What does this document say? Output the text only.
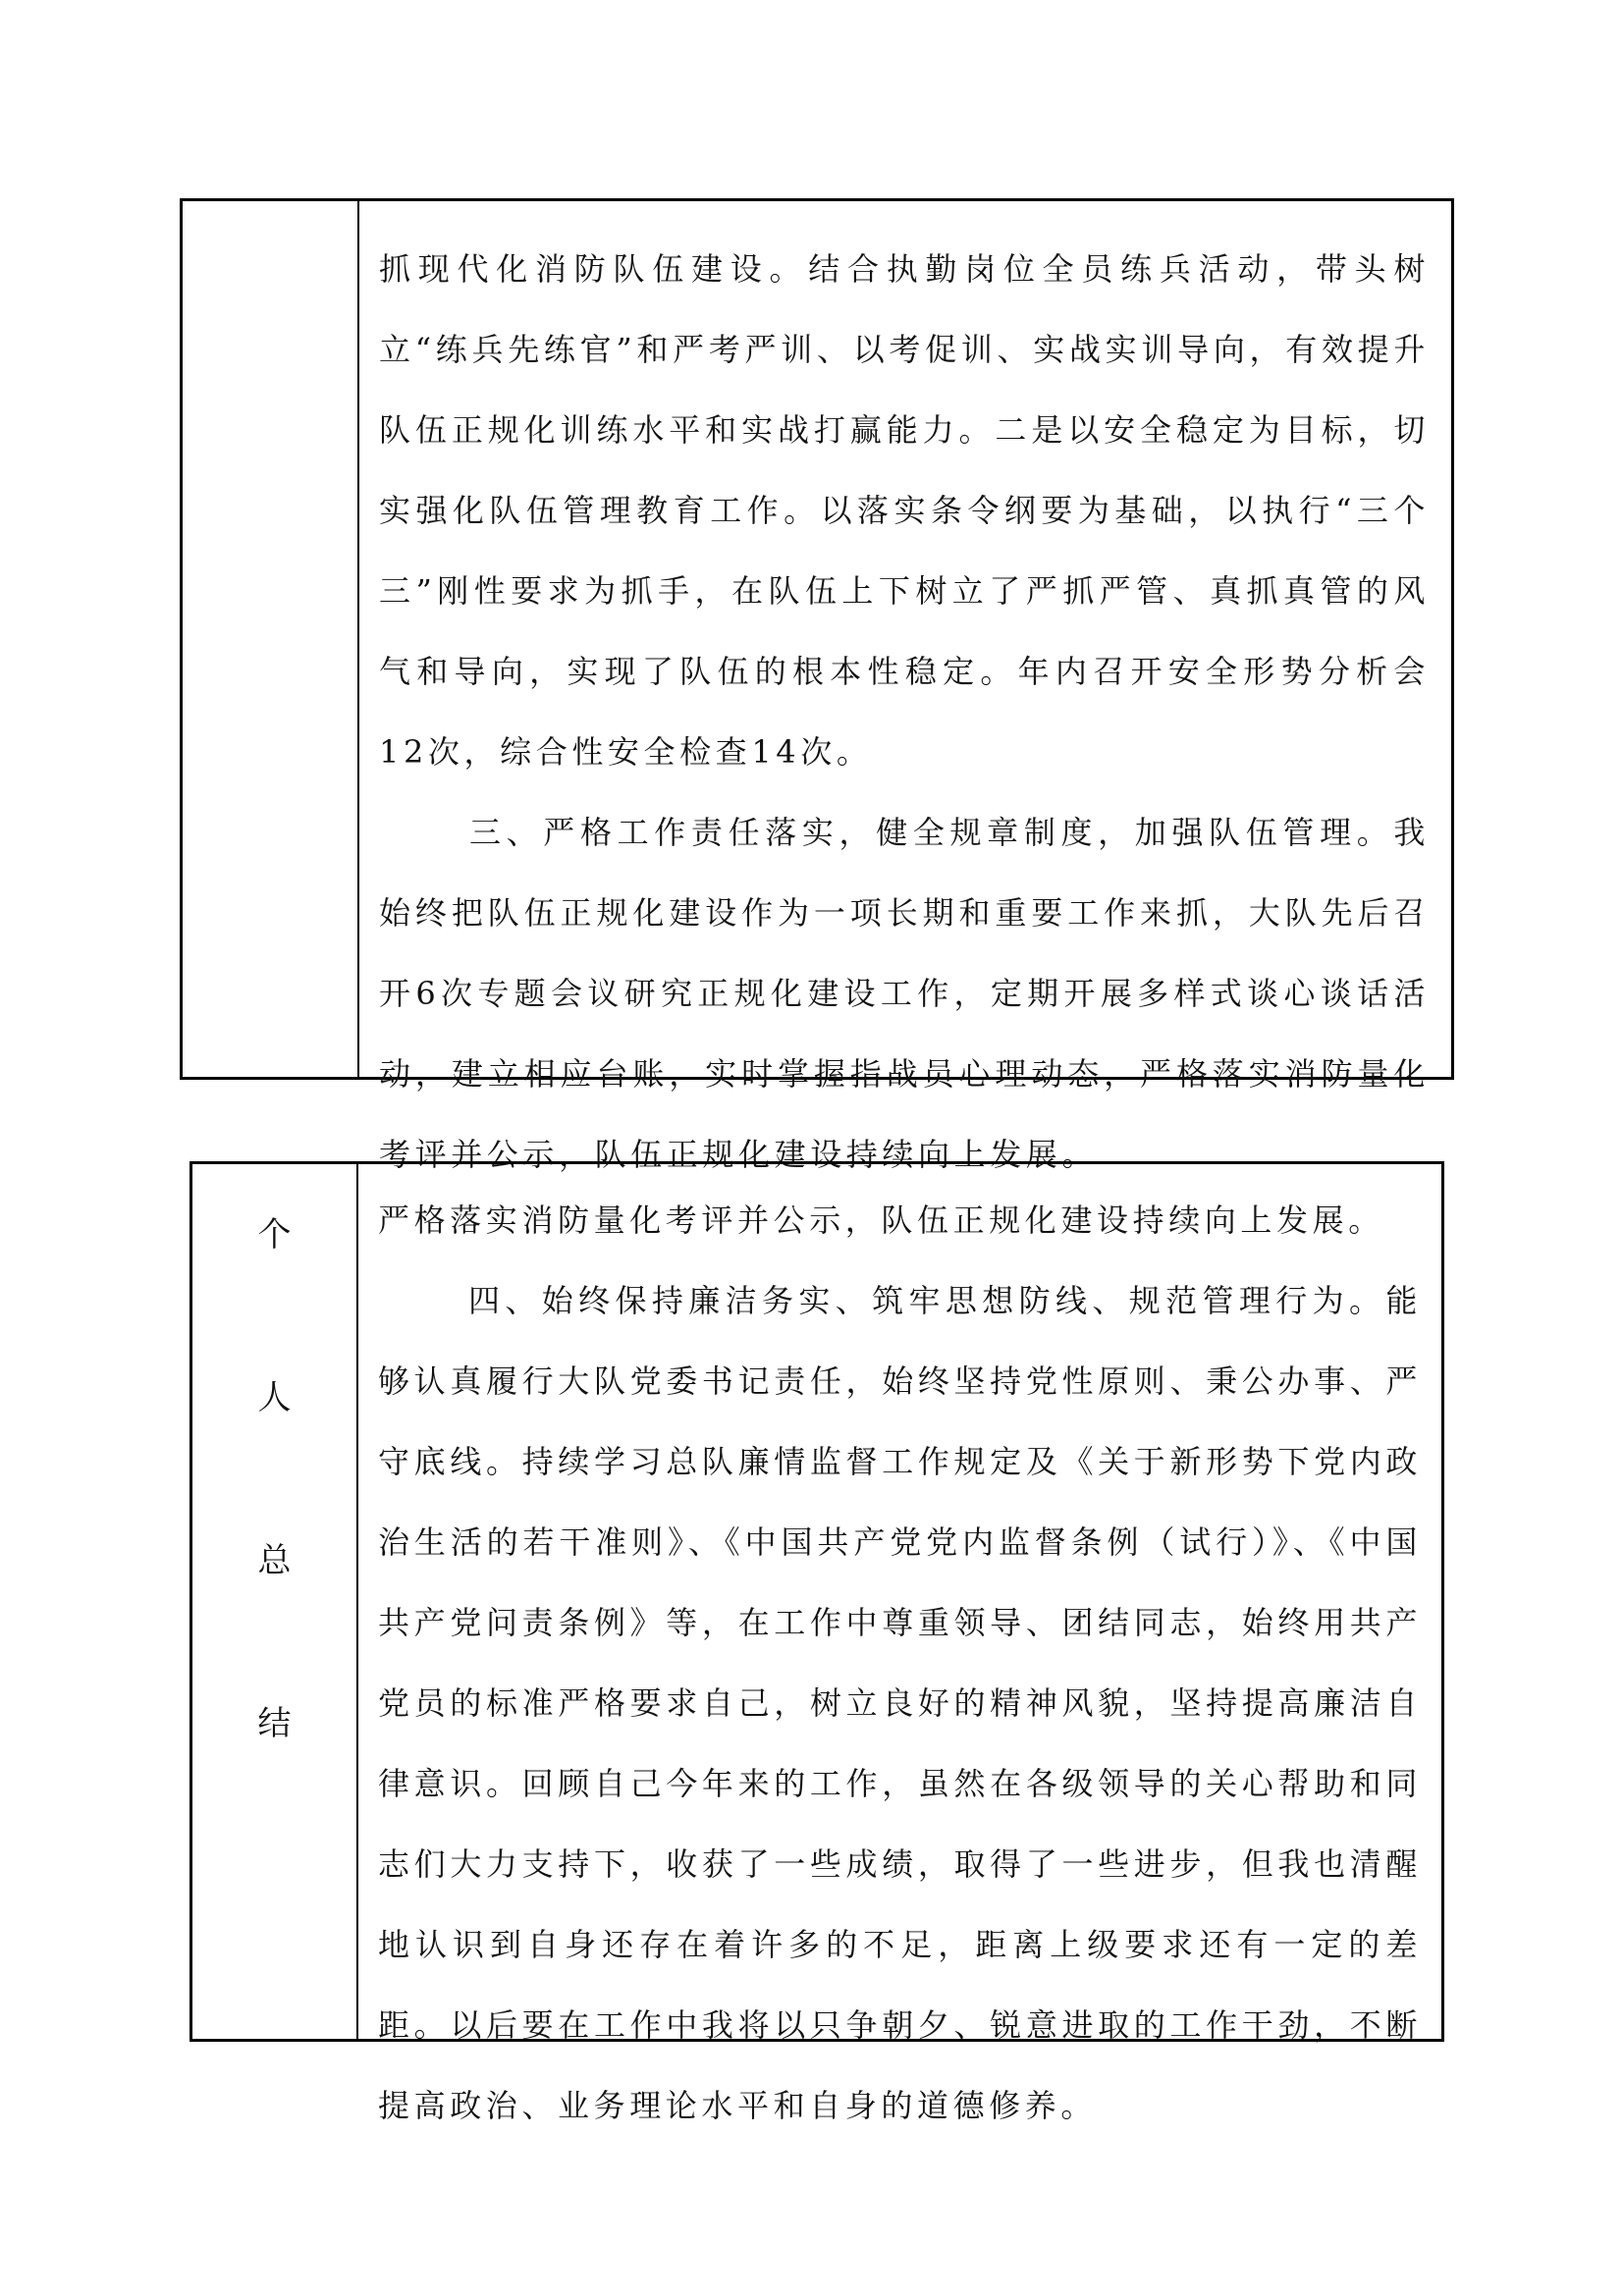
抓现代化消防队伍建设。结合执勤岗位全员练兵活动，带头树立“练兵先练官”和严考严训、以考促训、实战实训导向，有效提升队伍正规化训练水平和实战打赢能力。二是以安全稳定为目标，切实强化队伍管理教育工作。以落实条令纲要为基础，以执行“三个三”刚性要求为抓手，在队伍上下树立了严抓严管、真抓真管的风气和导向，实现了队伍的根本性稳定。年内召开安全形势分析会12次，综合性安全检查14次。

三、严格工作责任落实，健全规章制度，加强队伍管理。我始终把队伍正规化建设作为一项长期和重要工作来抓，大队先后召开6次专题会议研究正规化建设工作，定期开展多样式谈心谈话活动，建立相应台账，实时掌握指战员心理动态，严格落实消防量化考评并公示，队伍正规化建设持续向上发展。

个
人
总
结

严格落实消防量化考评并公示，队伍正规化建设持续向上发展。

四、始终保持廉洁务实、筑牢思想防线、规范管理行为。能够认真履行大队党委书记责任，始终坚持党性原则、秉公办事、严守底线。持续学习总队廉情监督工作规定及《关于新形势下党内政治生活的若干准则》、《中国共产党党内监督条例（试行）》、《中国共产党问责条例》等，在工作中尊重领导、团结同志，始终用共产党员的标准严格要求自己，树立良好的精神风貌，坚持提高廉洁自律意识。回顾自己今年来的工作，虽然在各级领导的关心帮助和同志们大力支持下，收获了一些成绩，取得了一些进步，但我也清醒地认识到自身还存在着许多的不足，距离上级要求还有一定的差距。以后要在工作中我将以只争朝夕、锐意进取的工作干劲，不断提高政治、业务理论水平和自身的道德修养。
